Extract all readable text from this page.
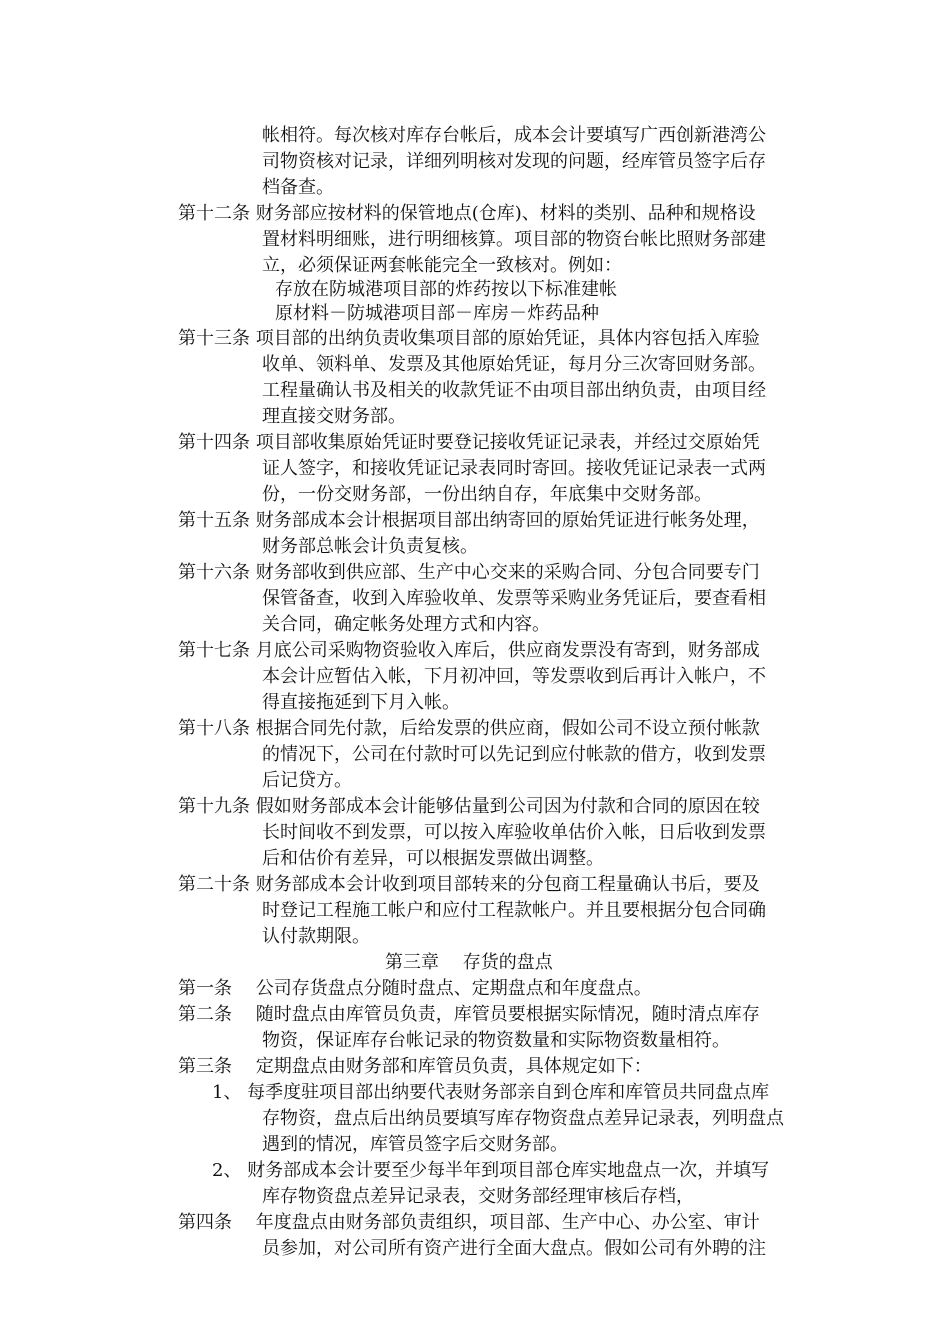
帐相符。每次核对库存台帐后，成本会计要填写广西创新港湾公
司物资核对记录，详细列明核对发现的问题，经库管员签字后存
档备查。
第十二条 财务部应按材料的保管地点(仓库)、材料的类别、品种和规格设
置材料明细账，进行明细核算。项目部的物资台帐比照财务部建
立，必须保证两套帐能完全一致核对。例如：
存放在防城港项目部的炸药按以下标准建帐
原材料－防城港项目部－库房－炸药品种
第十三条 项目部的出纳负责收集项目部的原始凭证，具体内容包括入库验
收单、领料单、发票及其他原始凭证，每月分三次寄回财务部。
工程量确认书及相关的收款凭证不由项目部出纳负责，由项目经
理直接交财务部。
第十四条 项目部收集原始凭证时要登记接收凭证记录表，并经过交原始凭
证人签字，和接收凭证记录表同时寄回。接收凭证记录表一式两
份，一份交财务部，一份出纳自存，年底集中交财务部。
第十五条 财务部成本会计根据项目部出纳寄回的原始凭证进行帐务处理，
财务部总帐会计负责复核。
第十六条 财务部收到供应部、生产中心交来的采购合同、分包合同要专门
保管备查，收到入库验收单、发票等采购业务凭证后，要查看相
关合同，确定帐务处理方式和内容。
第十七条 月底公司采购物资验收入库后，供应商发票没有寄到，财务部成
本会计应暂估入帐，下月初冲回，等发票收到后再计入帐户，不
得直接拖延到下月入帐。
第十八条 根据合同先付款，后给发票的供应商，假如公司不设立预付帐款
的情况下，公司在付款时可以先记到应付帐款的借方，收到发票
后记贷方。
第十九条 假如财务部成本会计能够估量到公司因为付款和合同的原因在较
长时间收不到发票，可以按入库验收单估价入帐，日后收到发票
后和估价有差异，可以根据发票做出调整。
第二十条 财务部成本会计收到项目部转来的分包商工程量确认书后，要及
时登记工程施工帐户和应付工程款帐户。并且要根据分包合同确
认付款期限。
第三章　 存货的盘点
第一条　 公司存货盘点分随时盘点、定期盘点和年度盘点。
第二条　 随时盘点由库管员负责，库管员要根据实际情况，随时清点库存
物资，保证库存台帐记录的物资数量和实际物资数量相符。
第三条　 定期盘点由财务部和库管员负责，具体规定如下：
1、 每季度驻项目部出纳要代表财务部亲自到仓库和库管员共同盘点库
存物资，盘点后出纳员要填写库存物资盘点差异记录表，列明盘点
遇到的情况，库管员签字后交财务部。
2、 财务部成本会计要至少每半年到项目部仓库实地盘点一次，并填写
库存物资盘点差异记录表，交财务部经理审核后存档，
第四条　 年度盘点由财务部负责组织，项目部、生产中心、办公室、审计
员参加，对公司所有资产进行全面大盘点。假如公司有外聘的注
